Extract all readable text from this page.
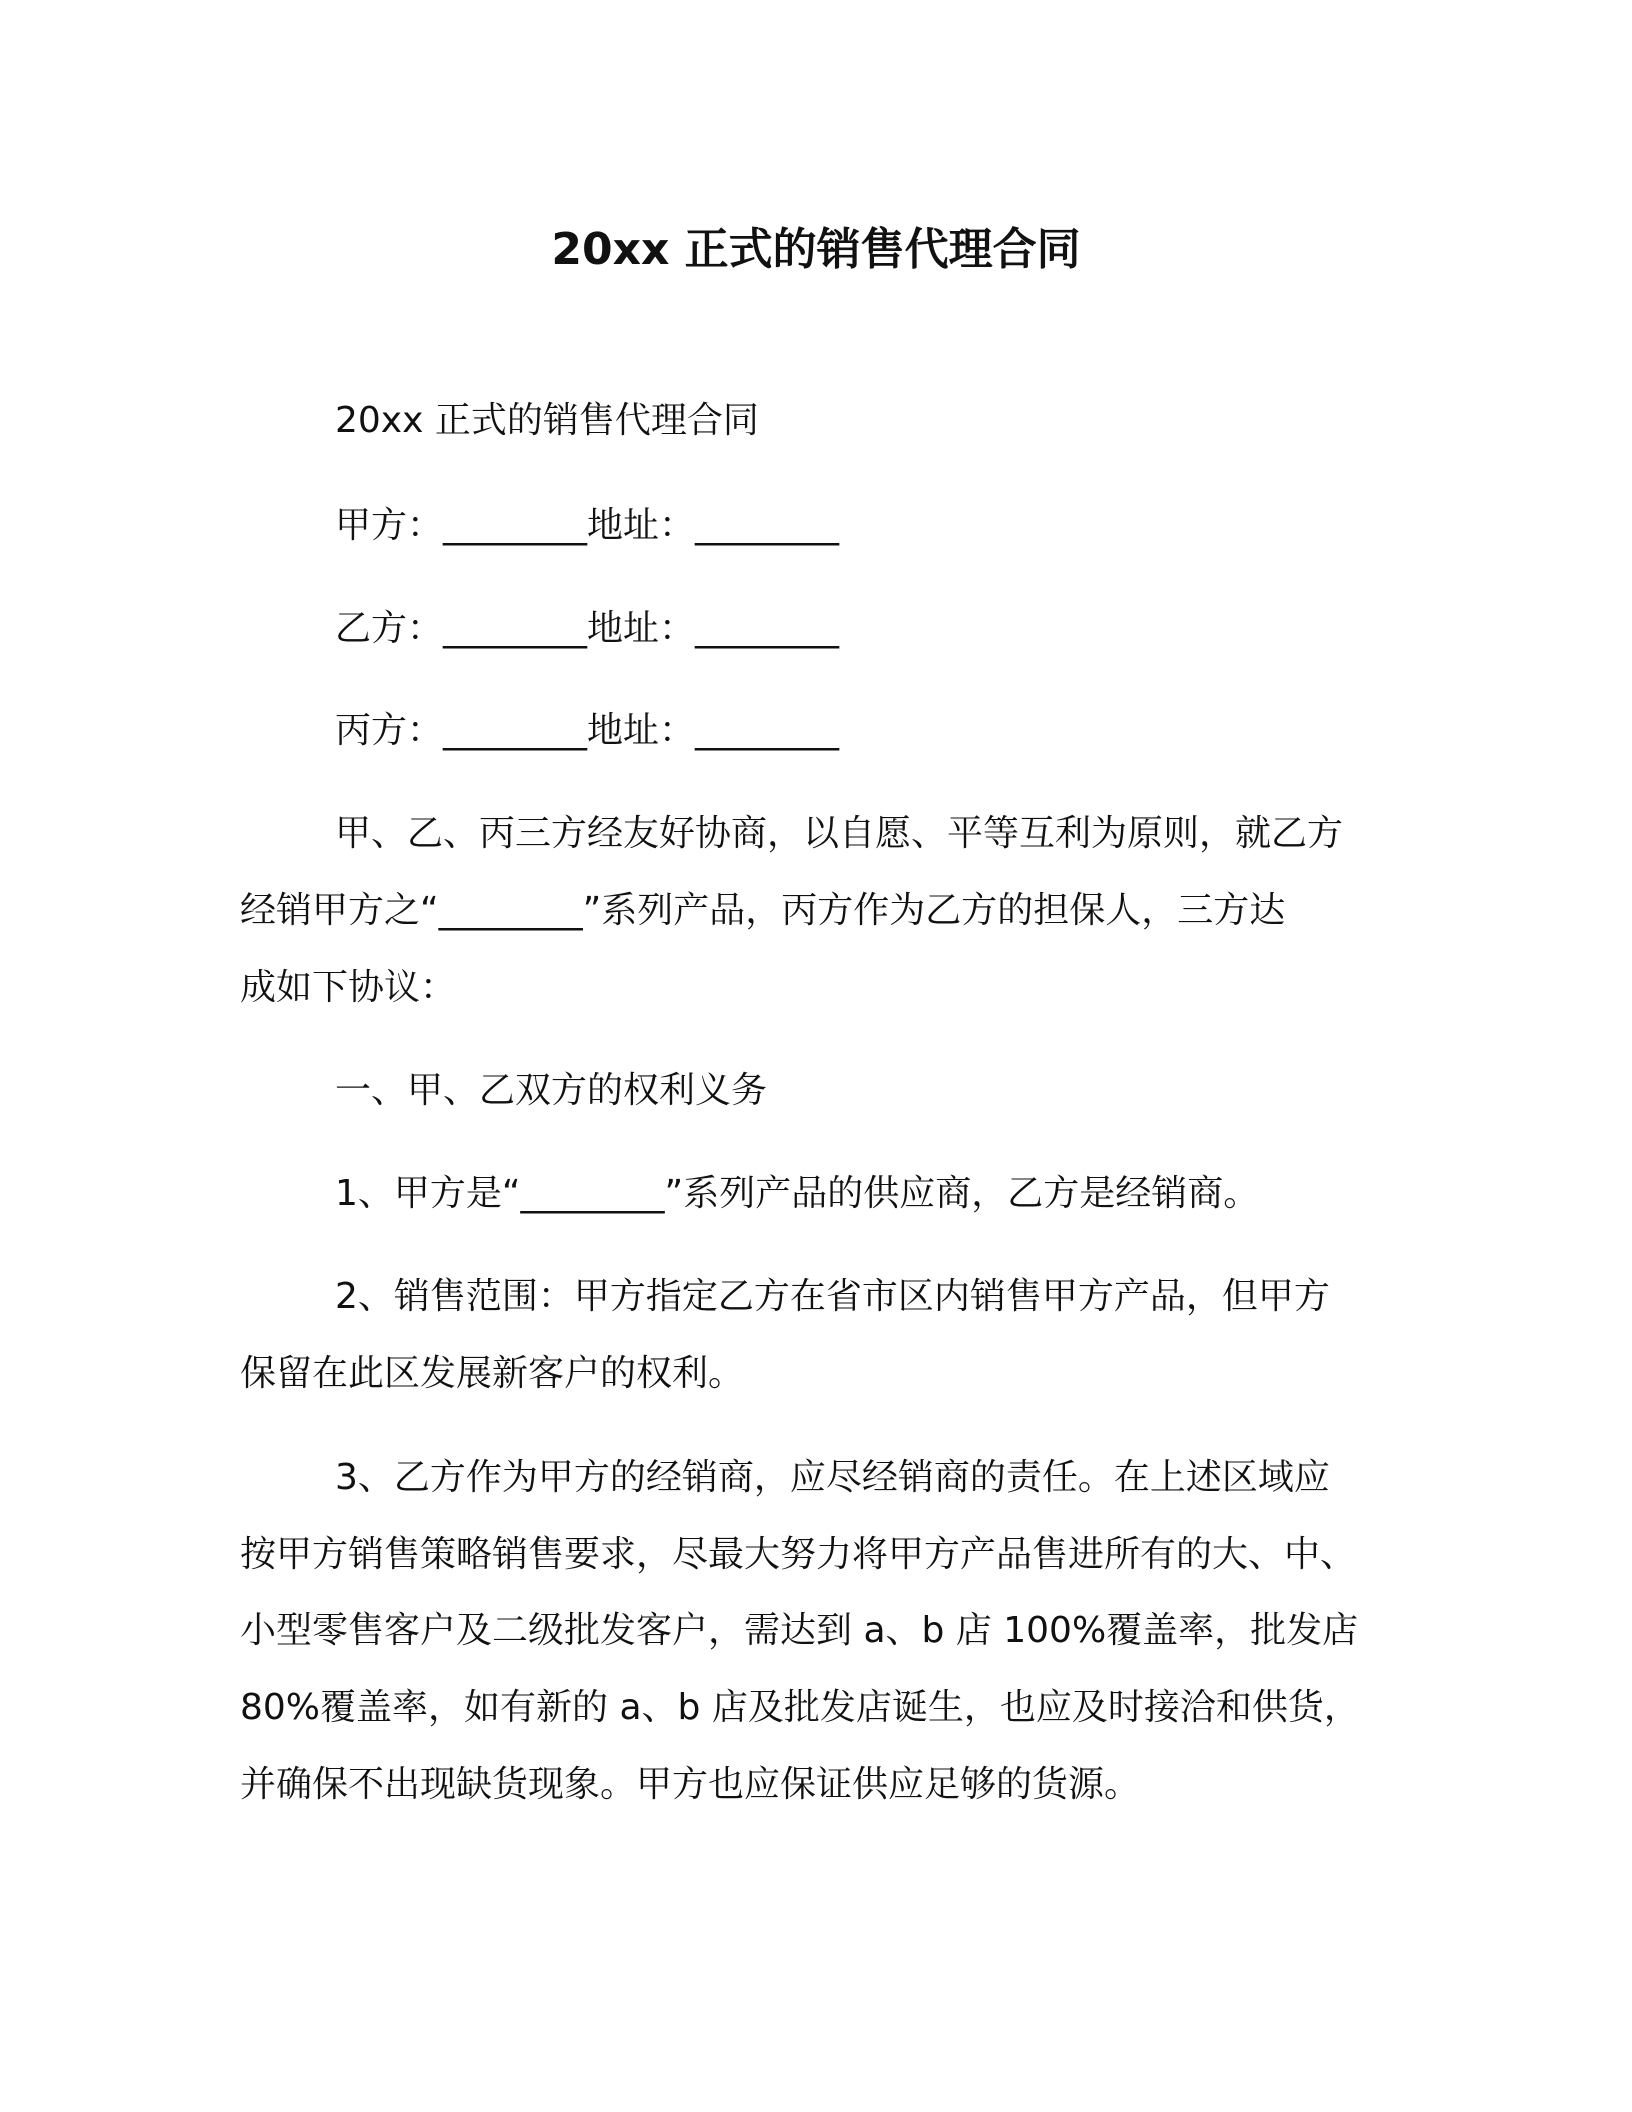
20xx 正式的销售代理合同
20xx 正式的销售代理合同
甲方：________地址：________
乙方：________地址：________
丙方：________地址：________
甲、乙、丙三方经友好协商，以自愿、平等互利为原则，就乙方
经销甲方之“________”系列产品，丙方作为乙方的担保人，三方达
成如下协议：
一、甲、乙双方的权利义务
1、甲方是“________”系列产品的供应商，乙方是经销商。
2、销售范围：甲方指定乙方在省市区内销售甲方产品，但甲方
保留在此区发展新客户的权利。
3、乙方作为甲方的经销商，应尽经销商的责任。在上述区域应
按甲方销售策略销售要求，尽最大努力将甲方产品售进所有的大、中、
小型零售客户及二级批发客户，需达到 a、b 店 100%覆盖率，批发店
80%覆盖率，如有新的 a、b 店及批发店诞生，也应及时接洽和供货，
并确保不出现缺货现象。甲方也应保证供应足够的货源。
